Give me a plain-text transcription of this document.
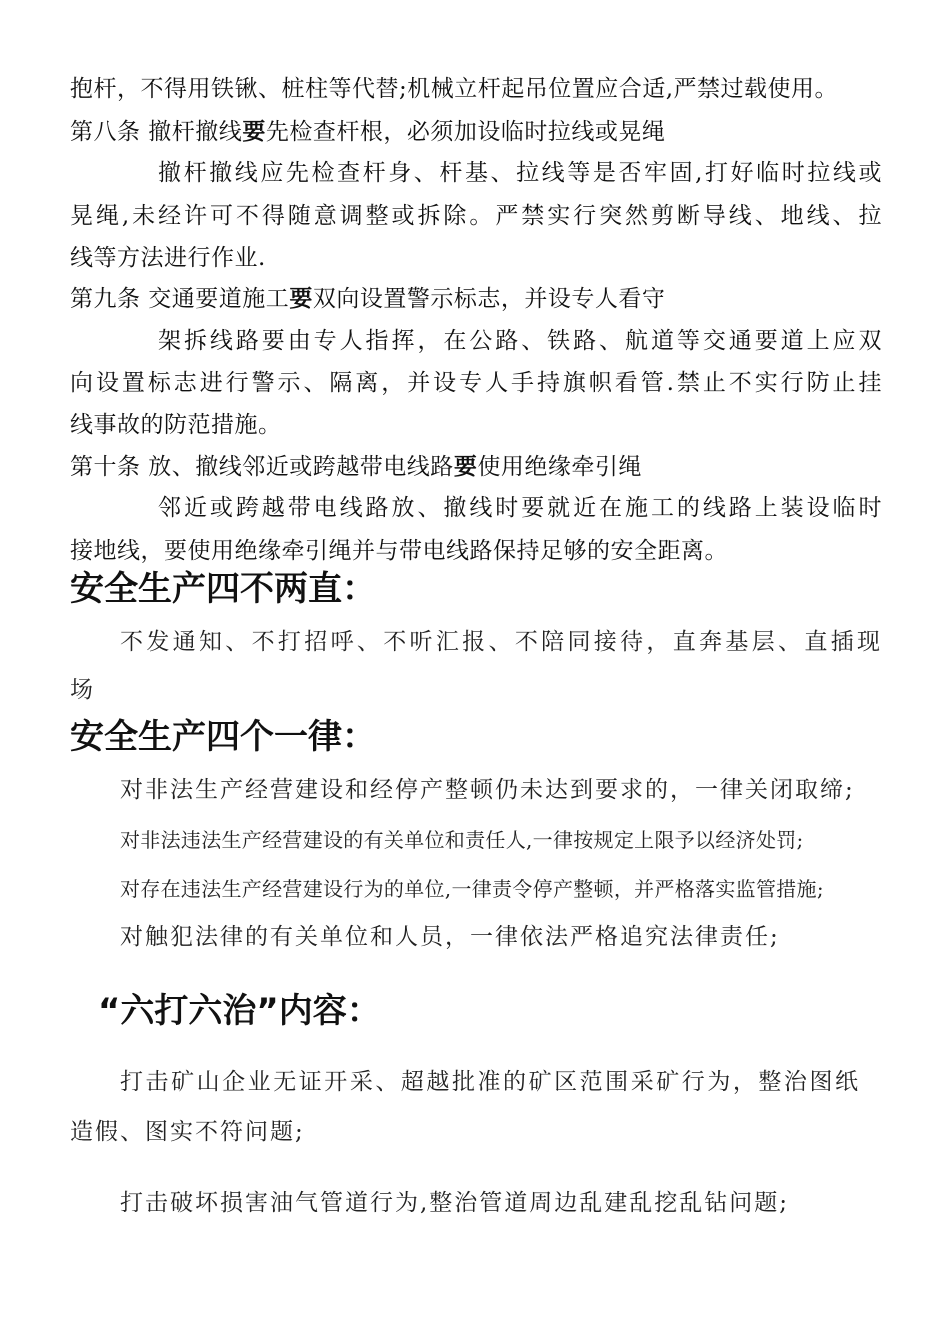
抱杆，不得用铁锹、桩柱等代替;机械立杆起吊位置应合适,严禁过载使用。
第八条 撤杆撤线要先检查杆根，必须加设临时拉线或晃绳
撤杆撤线应先检查杆身、杆基、拉线等是否牢固,打好临时拉线或
晃绳,未经许可不得随意调整或拆除。严禁实行突然剪断导线、地线、拉
线等方法进行作业.
第九条 交通要道施工要双向设置警示标志，并设专人看守
架拆线路要由专人指挥，在公路、铁路、航道等交通要道上应双
向设置标志进行警示、隔离，并设专人手持旗帜看管.禁止不实行防止挂
线事故的防范措施。
第十条 放、撤线邻近或跨越带电线路要使用绝缘牵引绳
邻近或跨越带电线路放、撤线时要就近在施工的线路上装设临时
接地线，要使用绝缘牵引绳并与带电线路保持足够的安全距离。
安全生产四不两直：
不发通知、不打招呼、不听汇报、不陪同接待，直奔基层、直插现
场
安全生产四个一律：
对非法生产经营建设和经停产整顿仍未达到要求的，一律关闭取缔;
对非法违法生产经营建设的有关单位和责任人,一律按规定上限予以经济处罚;
对存在违法生产经营建设行为的单位,一律责令停产整顿，并严格落实监管措施;
对触犯法律的有关单位和人员，一律依法严格追究法律责任;
“六打六治”内容：
打击矿山企业无证开采、超越批准的矿区范围采矿行为，整治图纸
造假、图实不符问题;
打击破坏损害油气管道行为,整治管道周边乱建乱挖乱钻问题;
